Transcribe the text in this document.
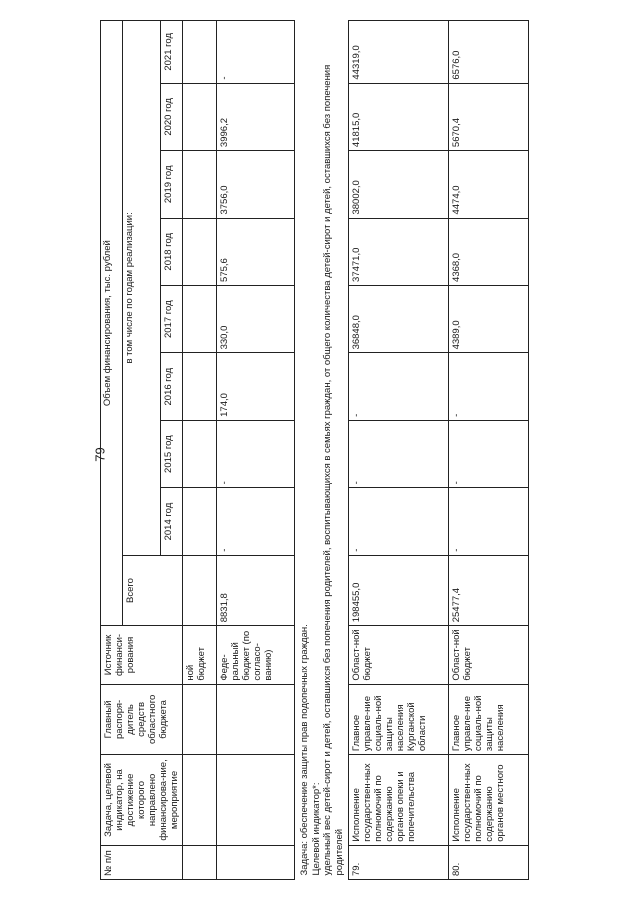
79
№ п/п	Задача, целевой индикатор, на достижение которого направлено финансирова-ние, мероприятие	Главный распоря-дитель средств областного бюджета	Источник финанси-рования	Объем финансирования, тыс. рублей								
				Всего	в том числе по годам реализации:							
					2014 год	2015 год	2016 год	2017 год	2018 год	2019 год	2020 год	2021 год
			ной бюджет									
			Феде-ральный бюджет (по согласо-ванию)	8831,8	-	-	174,0	330,0	575,6	3756,0	3996,2	-

Задача: обеспечение защиты прав подопечных граждан. Целевой индикатор*: удельный вес детей-сирот и детей, оставшихся без попечения родителей, воспитывающихся в семьях граждан, от общего количества детей-сирот и детей, оставшихся без попечения родителей												

79.	Исполнение государствен-ных полномочий по содержанию органов опеки и попечительства	Главное управле-ние социаль-ной защиты населения Курганской области	Област-ной бюджет	198455,0	-	-	-	36848,0	37471,0	38002,0	41815,0	44319,0
80.	Исполнение государствен-ных полномочий по содержанию органов местного	Главное управле-ние социаль-ной защиты населения	Област-ной бюджет	25477,4	-	-	-	4389,0	4368,0	4474,0	5670,4	6576,0
